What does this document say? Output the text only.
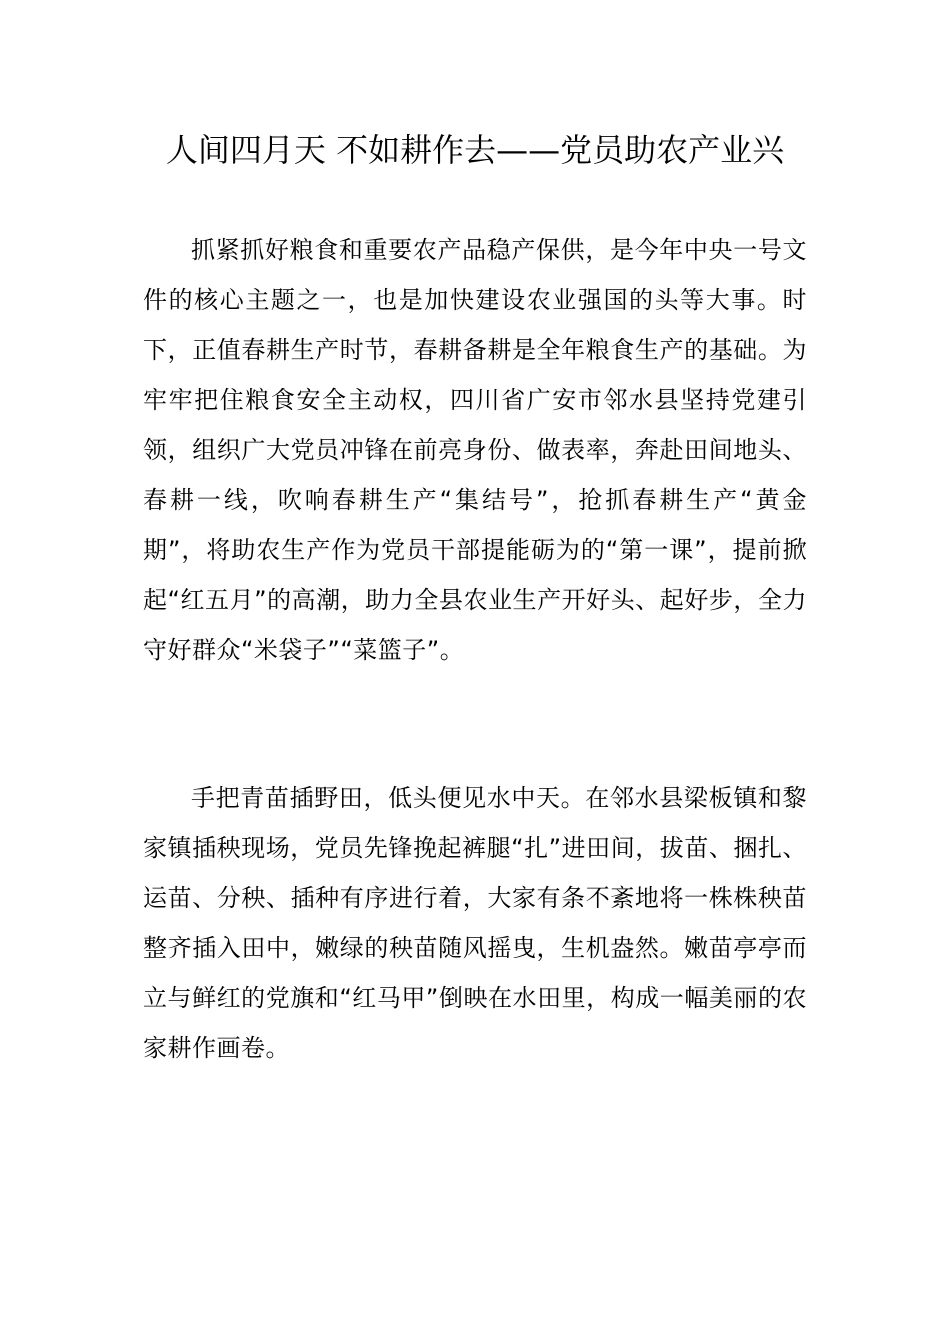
人间四月天 不如耕作去——党员助农产业兴

抓紧抓好粮食和重要农产品稳产保供，是今年中央一号文件的核心主题之一，也是加快建设农业强国的头等大事。时下，正值春耕生产时节，春耕备耕是全年粮食生产的基础。为牢牢把住粮食安全主动权，四川省广安市邻水县坚持党建引领，组织广大党员冲锋在前亮身份、做表率，奔赴田间地头、春耕一线，吹响春耕生产“集结号”，抢抓春耕生产“黄金期”，将助农生产作为党员干部提能砺为的“第一课”，提前掀起“红五月”的高潮，助力全县农业生产开好头、起好步，全力守好群众“米袋子”“菜篮子”。

手把青苗插野田，低头便见水中天。在邻水县梁板镇和黎家镇插秧现场，党员先锋挽起裤腿“扎”进田间，拔苗、捆扎、运苗、分秧、插种有序进行着，大家有条不紊地将一株株秧苗整齐插入田中，嫩绿的秧苗随风摇曳，生机盎然。嫩苗亭亭而立与鲜红的党旗和“红马甲”倒映在水田里，构成一幅美丽的农家耕作画卷。
